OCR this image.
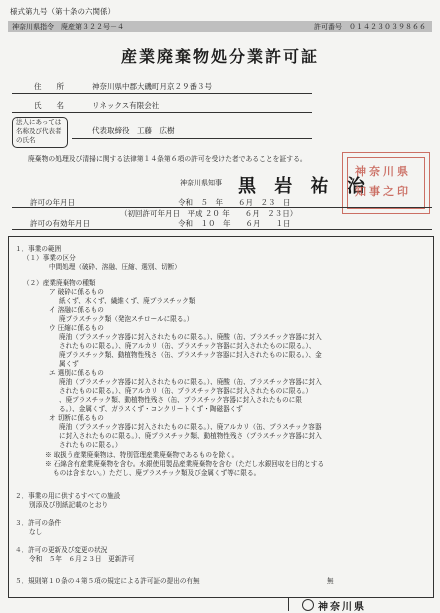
様式第九号（第十条の六関係）
神奈川県指令　廃産第３２２号－４	許可番号　０１４２３０３９８６６
産業廃棄物処分業許可証
住　　所	神奈川県中郡大磯町月京２９番３号
氏　　名	リネックス有限会社
法人にあっては
名称及び代表者
の氏名
代表取締役　工藤　広樹
廃棄物の処理及び清掃に関する法律第１４条第６項の許可を受けた者であることを証する。
神奈川県知事 黒 岩 祐 治
神奈川県
知事之印
許可の年月日	令和　５　年　　６月　２３　日
（初回許可年月日　平成 ２０ 年　　６月　２３日）
許可の有効年月日	令和　１０　年　　６月　　１日
１．事業の範囲
（１）事業の区分
中間処理（破砕、溶融、圧縮、選別、切断）
（２）産業廃棄物の種類
ア 破砕に係るもの
紙くず、木くず、繊維くず、廃プラスチック類
イ 溶融に係るもの
廃プラスチック類（発泡スチロールに限る。）
ウ 圧縮に係るもの
廃油（プラスチック容器に封入されたものに限る。）、廃酸（缶、プラスチック容器に封入
されたものに限る。）、廃アルカリ（缶、プラスチック容器に封入されたものに限る。）、
廃プラスチック類、動植物性残さ（缶、プラスチック容器に封入されたものに限る。）、金
属くず
エ 選別に係るもの
廃油（プラスチック容器に封入されたものに限る。）、廃酸（缶、プラスチック容器に封入
されたものに限る。）、廃アルカリ（缶、プラスチック容器に封入されたものに限る。）
、廃プラスチック類、動植物性残さ（缶、プラスチック容器に封入されたものに限
る。）、金属くず、ガラスくず・コンクリートくず・陶磁器くず
オ 切断に係るもの
廃油（プラスチック容器に封入されたものに限る。）、廃アルカリ（缶、プラスチック容器
に封入されたものに限る。）、廃プラスチック類、動植物性残さ（プラスチック容器に封入
されたものに限る。）
※ 取扱う産業廃棄物は、特別管理産業廃棄物であるものを除く。
※ 石綿含有産業廃棄物を含む。水銀使用製品産業廃棄物を含む（ただし水銀回収を目的とする
ものは含まない。）ただし、廃プラスチック類及び金属くず等に限る。
２．事業の用に供するすべての施設
別添及び別紙記載のとおり
３．許可の条件
なし
４．許可の更新及び変更の状況
令和　５年　６月２３日　更新許可
５．規則第１０条の４第５項の規定による許可証の提出の有無	無
神奈川県
